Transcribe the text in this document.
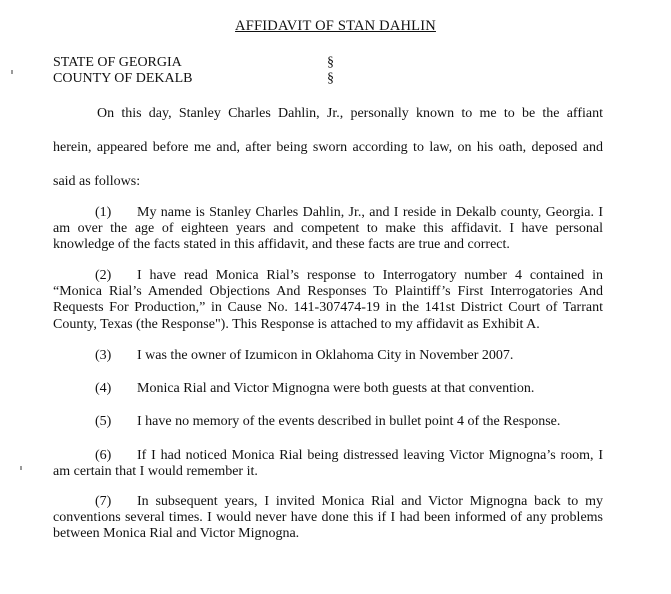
AFFIDAVIT OF STAN DAHLIN
STATE OF GEORGIA
COUNTY OF DEKALB
§
§
On this day, Stanley Charles Dahlin, Jr., personally known to me to be the affiant
herein, appeared before me and, after being sworn according to law, on his oath, deposed and
said as follows:
(1) My name is Stanley Charles Dahlin, Jr., and I reside in Dekalb county, Georgia. I am over the age of eighteen years and competent to make this affidavit. I have personal knowledge of the facts stated in this affidavit, and these facts are true and correct.
(2) I have read Monica Rial’s response to Interrogatory number 4 contained in “Monica Rial’s Amended Objections And Responses To Plaintiff’s First Interrogatories And Requests For Production,” in Cause No. 141-307474-19 in the 141st District Court of Tarrant County, Texas (the Response"). This Response is attached to my affidavit as Exhibit A.
(3) I was the owner of Izumicon in Oklahoma City in November 2007.
(4) Monica Rial and Victor Mignogna were both guests at that convention.
(5) I have no memory of the events described in bullet point 4 of the Response.
(6) If I had noticed Monica Rial being distressed leaving Victor Mignogna’s room, I am certain that I would remember it.
(7) In subsequent years, I invited Monica Rial and Victor Mignogna back to my conventions several times. I would never have done this if I had been informed of any problems between Monica Rial and Victor Mignogna.
